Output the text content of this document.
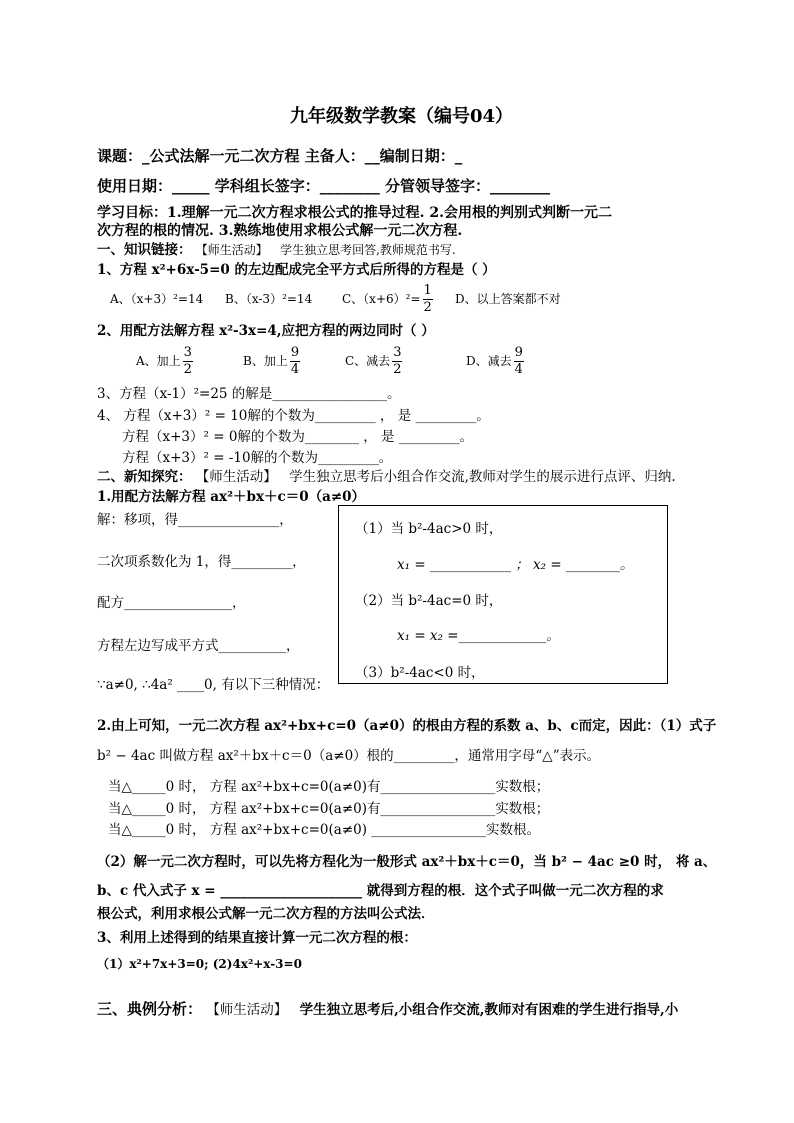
九年级数学教案（编号04）
课题：_公式法解一元二次方程 主备人：__编制日期：_
使用日期：_____ 学科组长签字：________ 分管领导签字：________
学习目标：1.理解一元二次方程求根公式的推导过程. 2.会用根的判别式判断一元二
次方程的根的情况. 3.熟练地使用求根公式解一元二次方程.
一、知识链接： 【师生活动】 学生独立思考回答,教师规范书写.
1、方程 x²+6x-5=0 的左边配成完全平方式后所得的方程是（ ）
A、（x+3）²=14 B、（x-3）²=14 C、$(x+6)^2= \frac{1}{2}$ D、以上答案都不对
2、用配方法解方程 x²-3x=4,应把方程的两边同时（ ）
A、加上 $\frac{3}{2}$	B、加上 $\frac{9}{4}$	C、减去 $\frac{3}{2}$	D、减去 $\frac{9}{4}$
3、方程（x-1）²=25 的解是_________________。
4、 方程（x+3）² = 10解的个数为_________ ， 是 _________。
方程（x+3）² = 0解的个数为________ ， 是 _________。
方程（x+3）² = -10解的个数为_________。
二、新知探究： 【师生活动】 学生独立思考后小组合作交流,教师对学生的展示进行点评、归纳.
1.用配方法解方程 ax²＋bx＋c＝0（a≠0）
解：移项，得_______________，
二次项系数化为 1，得_________，
配方________________，
方程左边写成平方式__________，
∵a≠0, ∴4a² ____0, 有以下三种情况：
（1）当 b²-4ac>0 时，
x₁ = ____________ ； x₂ = ________。
（2）当 b²-4ac=0 时，
x₁ = x₂ =_____________。
（3）b²-4ac<0 时，
2.由上可知，一元二次方程 ax²+bx+c=0（a≠0）的根由方程的系数 a、b、c而定，因此：（1）式子
b² − 4ac 叫做方程 ax²＋bx＋c＝0（a≠0）根的_________，通常用字母“△”表示。
当△_____0 时， 方程 ax²+bx+c=0(a≠0)有_________________实数根；
当△_____0 时， 方程 ax²+bx+c=0(a≠0)有_________________实数根；
当△_____0 时， 方程 ax²+bx+c=0(a≠0) _________________实数根。
（2）解一元二次方程时，可以先将方程化为一般形式 ax²＋bx＋c＝0，当 b² − 4ac ≥0 时， 将 a、
b、c 代入式子 x = _____________________ 就得到方程的根．这个式子叫做一元二次方程的求
根公式，利用求根公式解一元二次方程的方法叫公式法．
3、利用上述得到的结果直接计算一元二次方程的根：
（1）x²+7x+3=0; (2)4x²+x-3=0
三、典例分析： 【师生活动】 学生独立思考后,小组合作交流,教师对有困难的学生进行指导,小
